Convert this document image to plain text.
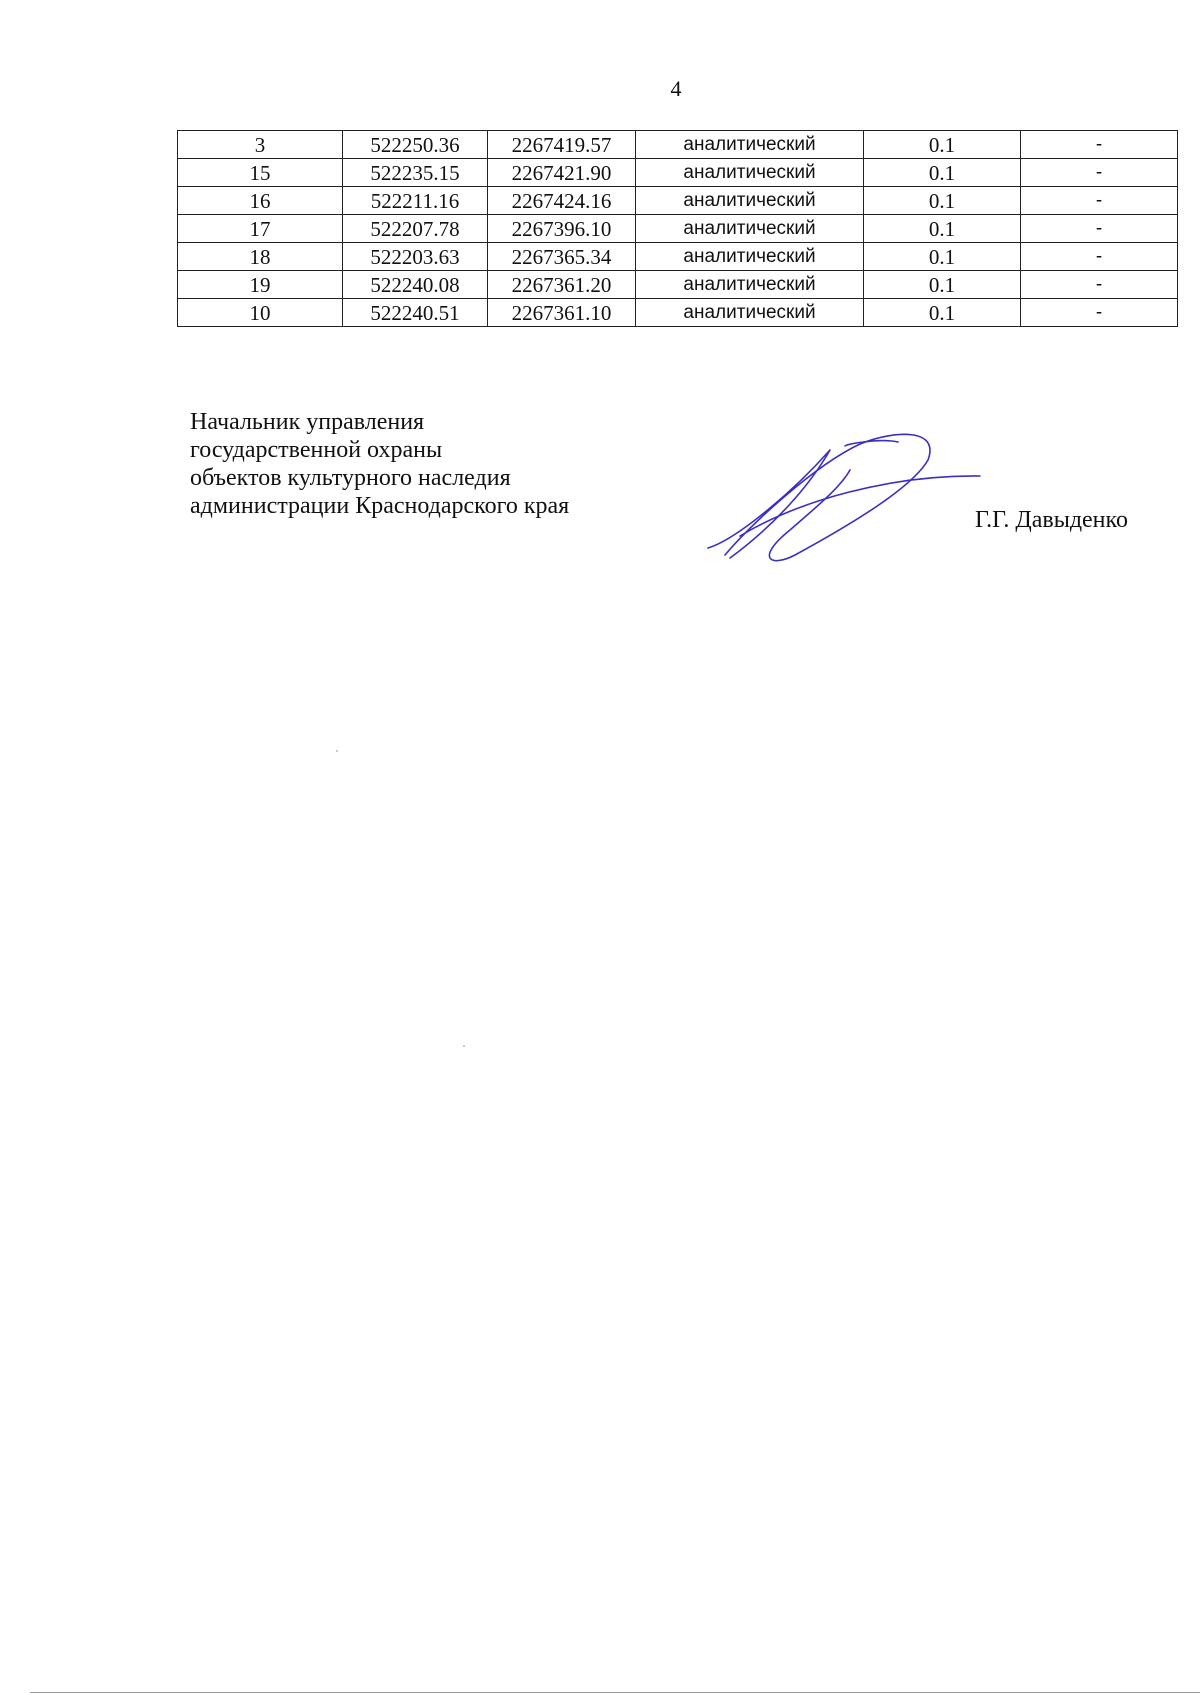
4
3	522250.36	2267419.57	аналитический	0.1	-
15	522235.15	2267421.90	аналитический	0.1	-
16	522211.16	2267424.16	аналитический	0.1	-
17	522207.78	2267396.10	аналитический	0.1	-
18	522203.63	2267365.34	аналитический	0.1	-
19	522240.08	2267361.20	аналитический	0.1	-
10	522240.51	2267361.10	аналитический	0.1	-
Начальник управления
государственной охраны
объектов культурного наследия
администрации Краснодарского края
Г.Г. Давыденко
